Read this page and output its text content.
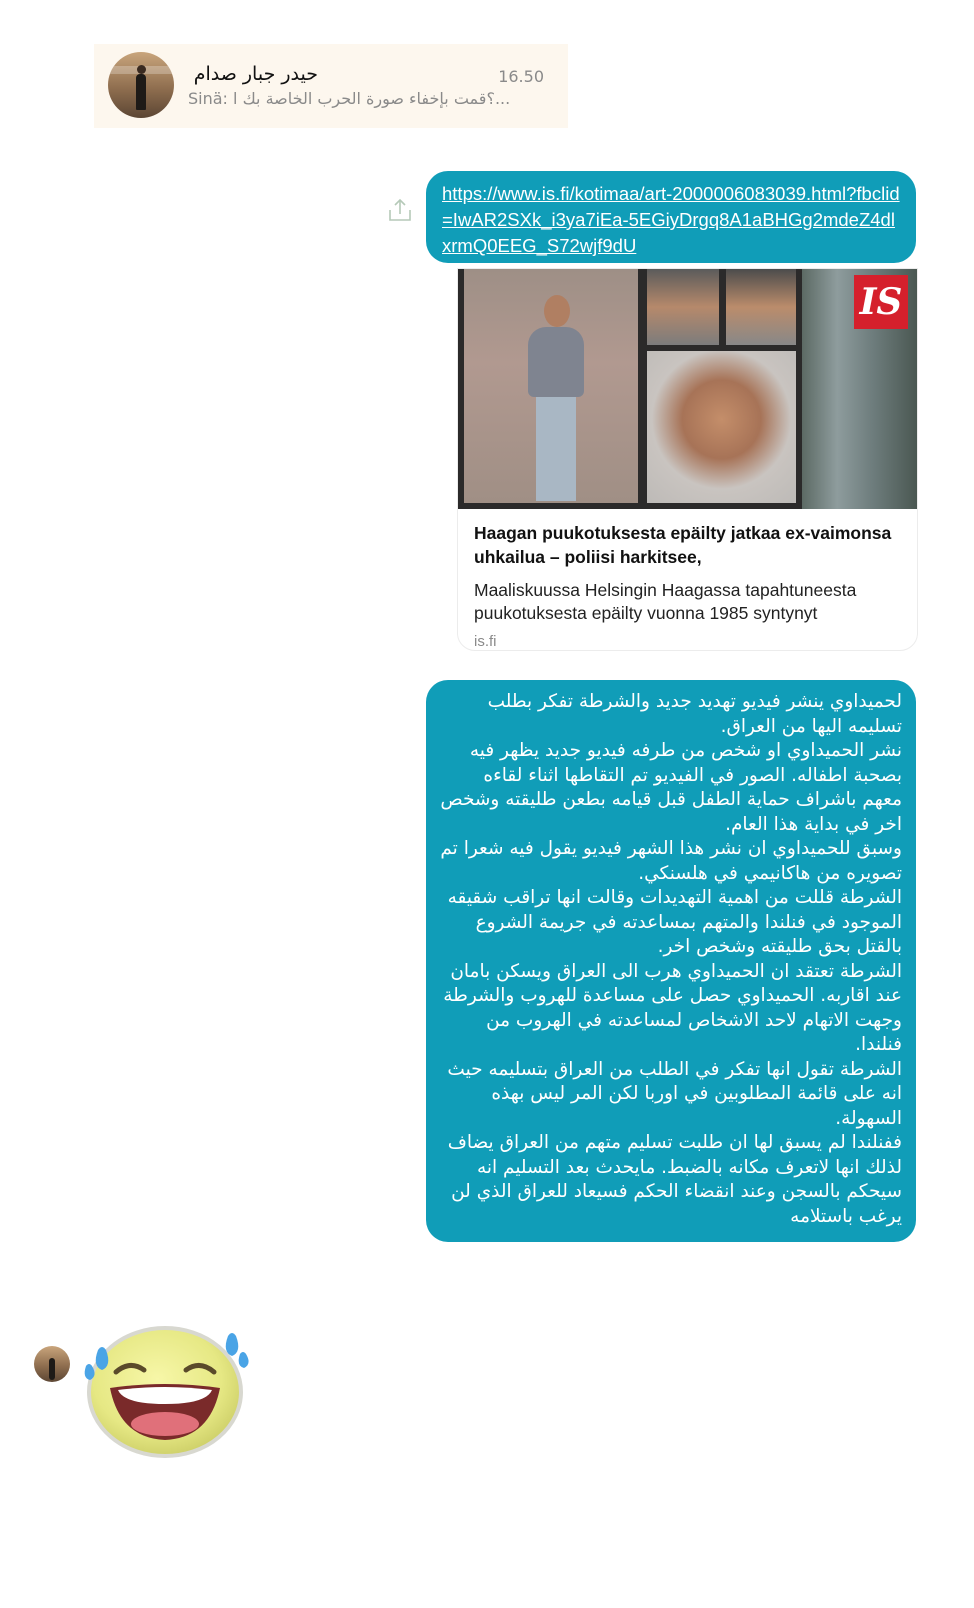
حيدر جبار صدام	16.50
Sinä: ؟قمت بإخفاء صورة الحرب الخاصة بك ا...
https://www.is.fi/kotimaa/art-2000006083039.html?fbclid=IwAR2SXk_i3ya7iEa-5EGiyDrgq8A1aBHGg2mdeZ4dlxrmQ0EEG_S72wjf9dU
IS
Haagan puukotuksesta epäilty jatkaa ex-vaimonsa uhkailua – poliisi harkitsee,
Maaliskuussa Helsingin Haagassa tapahtuneesta puukotuksesta epäilty vuonna 1985 syntynyt
is.fi

لحميداوي ينشر فيديو تهديد جديد والشرطة تفكر بطلب تسليمه اليها من العراق.

نشر الحميداوي او شخص من طرفه فيديو جديد يظهر فيه بصحبة اطفاله. الصور في الفيديو تم التقاطها اثناء لقاءه معهم باشراف حماية الطفل قبل قيامه بطعن طليقته وشخص اخر في بداية هذا العام.

وسبق للحميداوي ان نشر هذا الشهر فيديو يقول فيه شعرا تم تصويره من هاكانيمي في هلسنكي.

الشرطة قللت من اهمية التهديدات وقالت انها تراقب شقيقه الموجود في فنلندا والمتهم بمساعدته في جريمة الشروع بالقتل بحق طليقته وشخص اخر.

الشرطة تعتقد ان الحميداوي هرب الى العراق ويسكن بامان عند اقاربه. الحميداوي حصل على مساعدة للهروب والشرطة وجهت الاتهام لاحد الاشخاص لمساعدته في الهروب من فنلندا.

الشرطة تقول انها تفكر في الطلب من العراق بتسليمه حيث انه على قائمة المطلوبين في اوربا لكن المر ليس بهذه السهولة.

ففنلندا لم يسبق لها ان طلبت تسليم متهم من العراق يضاف لذلك انها لاتعرف مكانه بالضبط. مايحدث بعد التسليم انه سيحكم بالسجن وعند انقضاء الحكم فسيعاد للعراق الذي لن يرغب باستلامه
